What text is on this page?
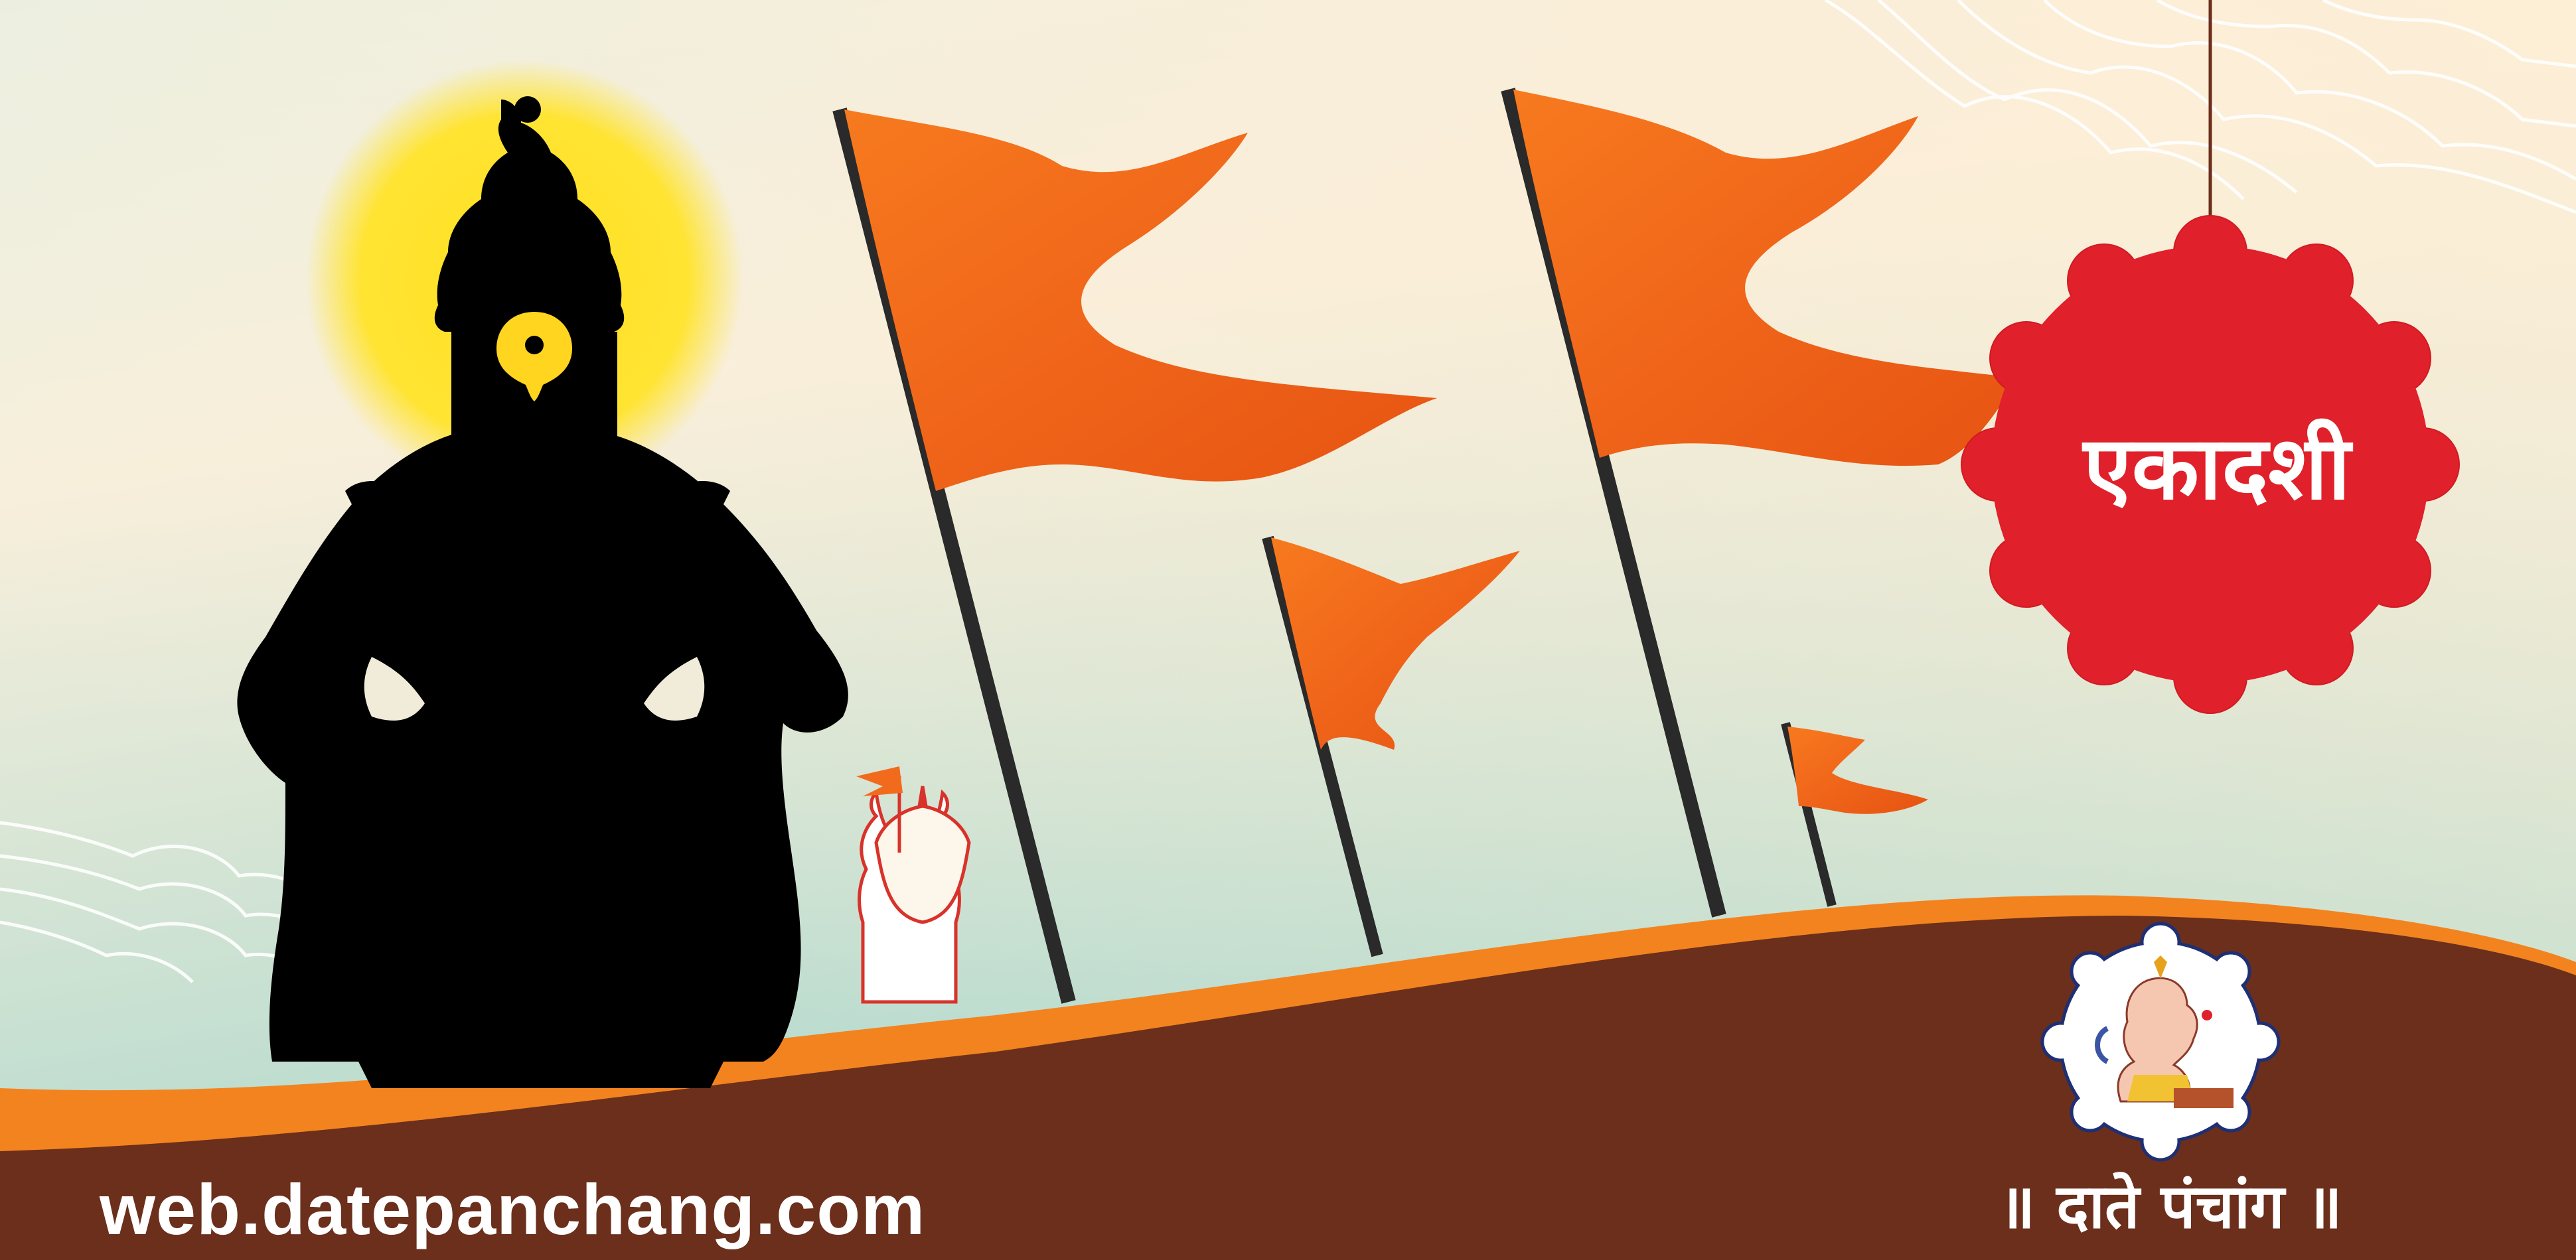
एकादशी
web.datepanchang.com	॥ दाते पंचांग ॥
